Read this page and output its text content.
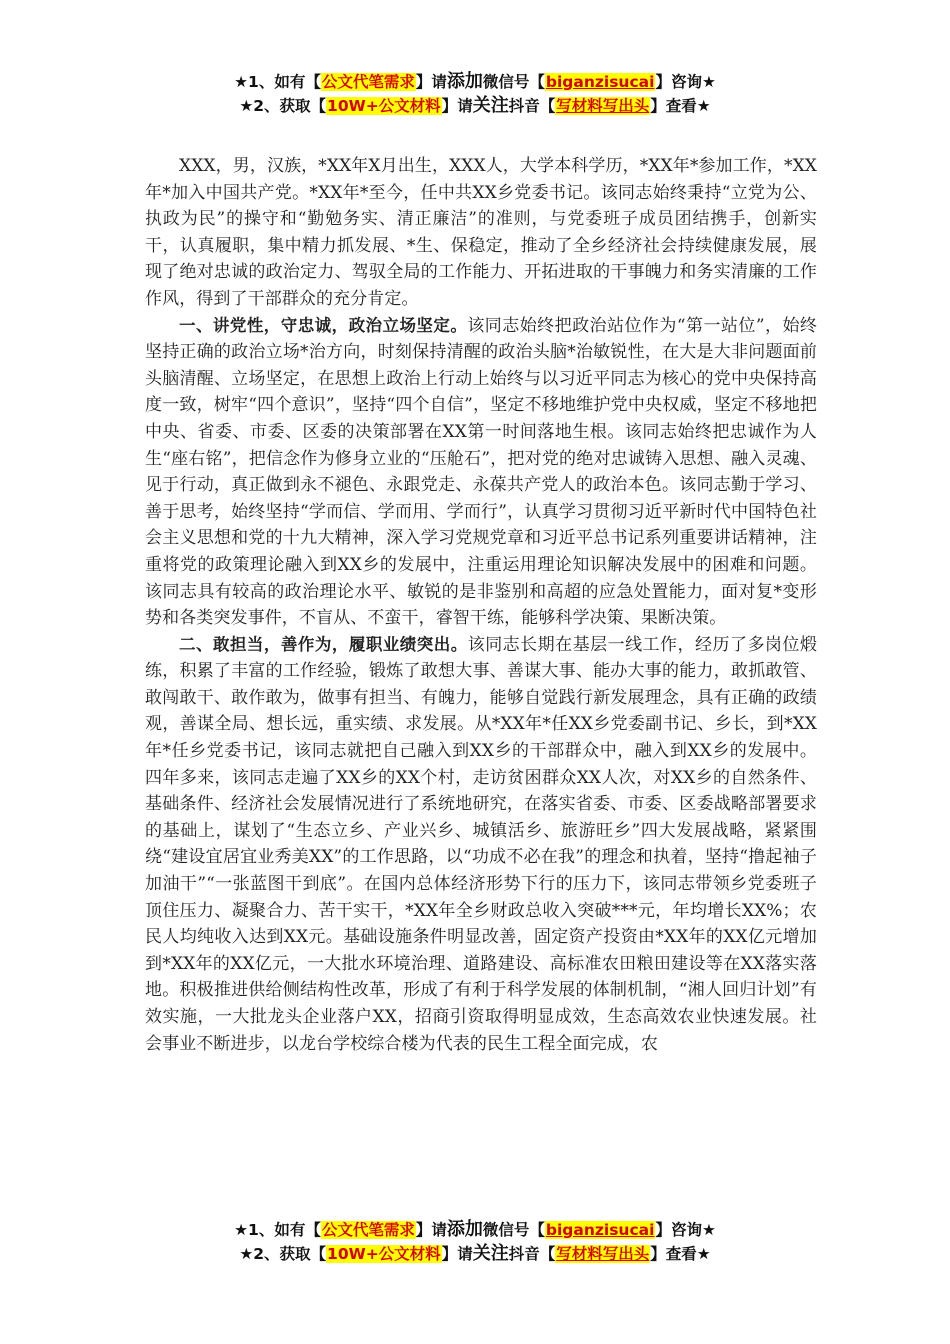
★1、如有【公文代笔需求】请添加微信号【biganzisucai】咨询★
★2、获取【10W+公文材料】请关注抖音【写材料写出头】查看★

XXX，男，汉族，*XX年X月出生，XXX人，大学本科学历，*XX年*参加工作，*XX年*加入中国共产党。*XX年*至今，任中共XX乡党委书记。该同志始终秉持“立党为公、执政为民”的操守和“勤勉务实、清正廉洁”的准则，与党委班子成员团结携手，创新实干，认真履职，集中精力抓发展、*生、保稳定，推动了全乡经济社会持续健康发展，展现了绝对忠诚的政治定力、驾驭全局的工作能力、开拓进取的干事魄力和务实清廉的工作作风，得到了干部群众的充分肯定。

一、讲党性，守忠诚，政治立场坚定。该同志始终把政治站位作为“第一站位”，始终坚持正确的政治立场*治方向，时刻保持清醒的政治头脑*治敏锐性，在大是大非问题面前头脑清醒、立场坚定，在思想上政治上行动上始终与以习近平同志为核心的党中央保持高度一致，树牢“四个意识”，坚持“四个自信”，坚定不移地维护党中央权威，坚定不移地把中央、省委、市委、区委的决策部署在XX第一时间落地生根。该同志始终把忠诚作为人生“座右铭”，把信念作为修身立业的“压舱石”，把对党的绝对忠诚铸入思想、融入灵魂、见于行动，真正做到永不褪色、永跟党走、永葆共产党人的政治本色。该同志勤于学习、善于思考，始终坚持“学而信、学而用、学而行”，认真学习贯彻习近平新时代中国特色社会主义思想和党的十九大精神，深入学习党规党章和习近平总书记系列重要讲话精神，注重将党的政策理论融入到XX乡的发展中，注重运用理论知识解决发展中的困难和问题。该同志具有较高的政治理论水平、敏锐的是非鉴别和高超的应急处置能力，面对复*变形势和各类突发事件，不盲从、不蛮干，睿智干练，能够科学决策、果断决策。

二、敢担当，善作为，履职业绩突出。该同志长期在基层一线工作，经历了多岗位煅练，积累了丰富的工作经验，锻炼了敢想大事、善谋大事、能办大事的能力，敢抓敢管、敢闯敢干、敢作敢为，做事有担当、有魄力，能够自觉践行新发展理念，具有正确的政绩观，善谋全局、想长远，重实绩、求发展。从*XX年*任XX乡党委副书记、乡长，到*XX年*任乡党委书记，该同志就把自己融入到XX乡的干部群众中，融入到XX乡的发展中。四年多来，该同志走遍了XX乡的XX个村，走访贫困群众XX人次，对XX乡的自然条件、基础条件、经济社会发展情况进行了系统地研究，在落实省委、市委、区委战略部署要求的基础上，谋划了“生态立乡、产业兴乡、城镇活乡、旅游旺乡”四大发展战略，紧紧围绕“建设宜居宜业秀美XX”的工作思路，以“功成不必在我”的理念和执着，坚持“撸起袖子加油干”“一张蓝图干到底”。在国内总体经济形势下行的压力下，该同志带领乡党委班子顶住压力、凝聚合力、苦干实干，*XX年全乡财政总收入突破***元，年均增长XX%；农民人均纯收入达到XX元。基础设施条件明显改善，固定资产投资由*XX年的XX亿元增加到*XX年的XX亿元，一大批水环境治理、道路建设、高标准农田粮田建设等在XX落实落地。积极推进供给侧结构性改革，形成了有利于科学发展的体制机制，“湘人回归计划”有效实施，一大批龙头企业落户XX，招商引资取得明显成效，生态高效农业快速发展。社会事业不断进步，以龙台学校综合楼为代表的民生工程全面完成，农

★1、如有【公文代笔需求】请添加微信号【biganzisucai】咨询★
★2、获取【10W+公文材料】请关注抖音【写材料写出头】查看★
